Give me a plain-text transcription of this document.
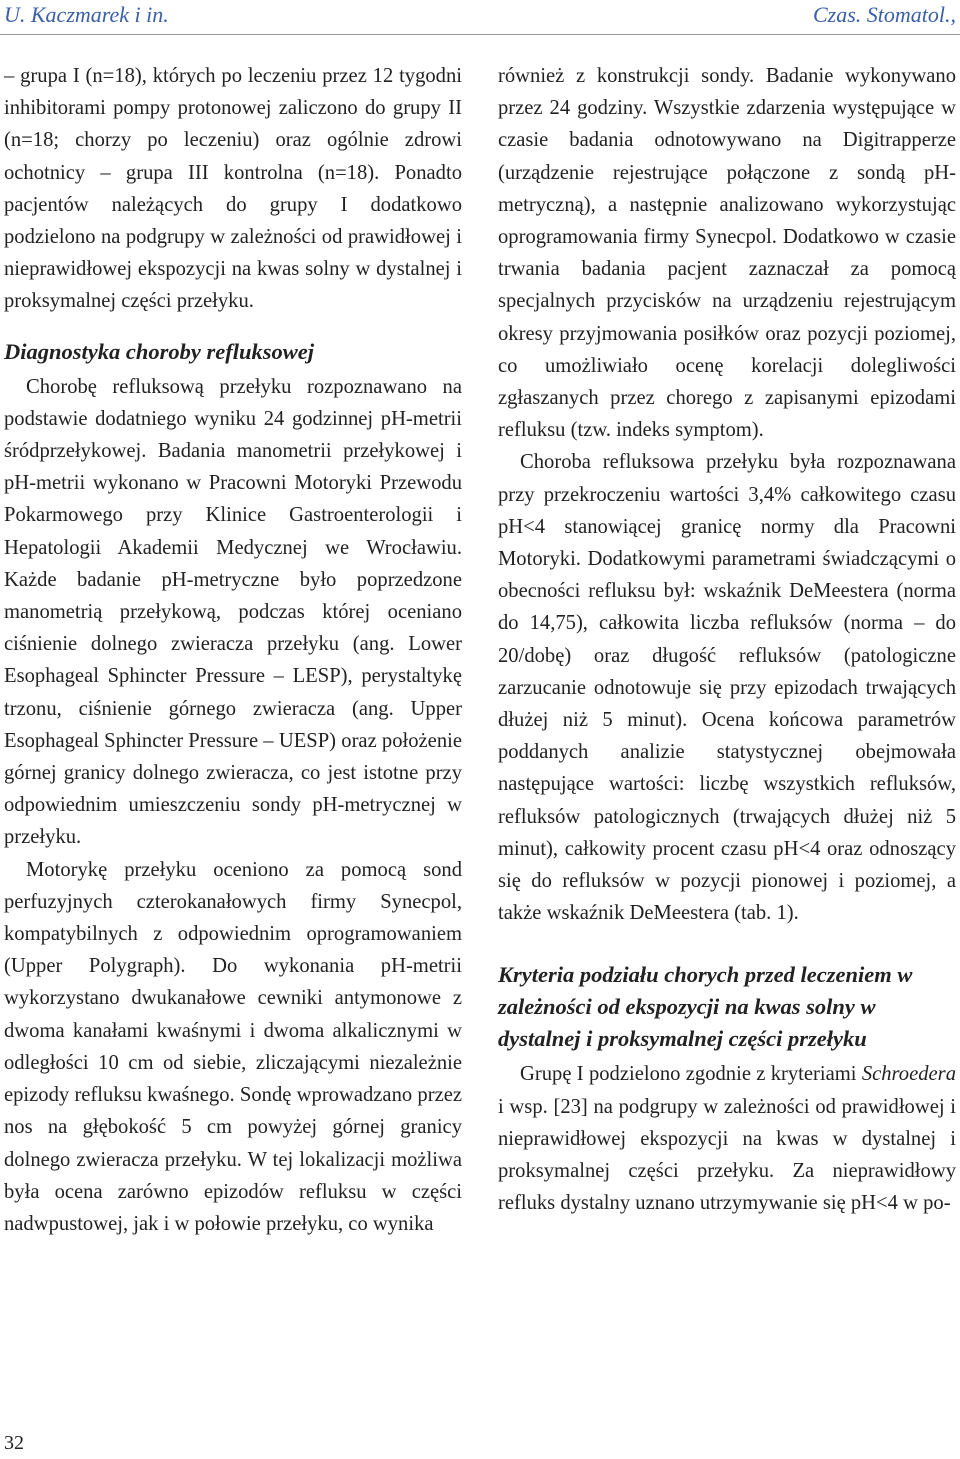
U. Kaczmarek i in.	Czas. Stomatol.,

– grupa I (n=18), których po leczeniu przez 12 tygodni inhibitorami pompy protonowej zaliczono do grupy II (n=18; chorzy po leczeniu) oraz ogólnie zdrowi ochotnicy – grupa III kontrolna (n=18). Ponadto pacjentów należących do grupy I dodatkowo podzielono na podgrupy w zależności od prawidłowej i nieprawidłowej ekspozycji na kwas solny w dystalnej i proksymalnej części przełyku.

Diagnostyka choroby refluksowej

Chorobę refluksową przełyku rozpoznawano na podstawie dodatniego wyniku 24 godzinnej pH-metrii śródprzełykowej. Badania manometrii przełykowej i pH-metrii wykonano w Pracowni Motoryki Przewodu Pokarmowego przy Klinice Gastroenterologii i Hepatologii Akademii Medycznej we Wrocławiu. Każde badanie pH-metryczne było poprzedzone manometrią przełykową, podczas której oceniano ciśnienie dolnego zwieracza przełyku (ang. Lower Esophageal Sphincter Pressure – LESP), perystaltykę trzonu, ciśnienie górnego zwieracza (ang. Upper Esophageal Sphincter Pressure – UESP) oraz położenie górnej granicy dolnego zwieracza, co jest istotne przy odpowiednim umieszczeniu sondy pH-metrycznej w przełyku.

Motorykę przełyku oceniono za pomocą sond perfuzyjnych czterokanałowych firmy Synecpol, kompatybilnych z odpowiednim oprogramowaniem (Upper Polygraph). Do wykonania pH-metrii wykorzystano dwukanałowe cewniki antymonowe z dwoma kanałami kwaśnymi i dwoma alkalicznymi w odległości 10 cm od siebie, zliczającymi niezależnie epizody refluksu kwaśnego. Sondę wprowadzano przez nos na głębokość 5 cm powyżej górnej granicy dolnego zwieracza przełyku. W tej lokalizacji możliwa była ocena zarówno epizodów refluksu w części nadwpustowej, jak i w połowie przełyku, co wynika

również z konstrukcji sondy. Badanie wykonywano przez 24 godziny. Wszystkie zdarzenia występujące w czasie badania odnotowywano na Digitrapperze (urządzenie rejestrujące połączone z sondą pH-metryczną), a następnie analizowano wykorzystując oprogramowania firmy Synecpol. Dodatkowo w czasie trwania badania pacjent zaznaczał za pomocą specjalnych przycisków na urządzeniu rejestrującym okresy przyjmowania posiłków oraz pozycji poziomej, co umożliwiało ocenę korelacji dolegliwości zgłaszanych przez chorego z zapisanymi epizodami refluksu (tzw. indeks symptom).

Choroba refluksowa przełyku była rozpoznawana przy przekroczeniu wartości 3,4% całkowitego czasu pH<4 stanowiącej granicę normy dla Pracowni Motoryki. Dodatkowymi parametrami świadczącymi o obecności refluksu był: wskaźnik DeMeestera (norma do 14,75), całkowita liczba refluksów (norma – do 20/dobę) oraz długość refluksów (patologiczne zarzucanie odnotowuje się przy epizodach trwających dłużej niż 5 minut). Ocena końcowa parametrów poddanych analizie statystycznej obejmowała następujące wartości: liczbę wszystkich refluksów, refluksów patologicznych (trwających dłużej niż 5 minut), całkowity procent czasu pH<4 oraz odnoszący się do refluksów w pozycji pionowej i poziomej, a także wskaźnik DeMeestera (tab. 1).

Kryteria podziału chorych przed leczeniem w zależności od ekspozycji na kwas solny w dystalnej i proksymalnej części przełyku

Grupę I podzielono zgodnie z kryteriami Schroedera i wsp. [23] na podgrupy w zależności od prawidłowej i nieprawidłowej ekspozycji na kwas w dystalnej i proksymalnej części przełyku. Za nieprawidłowy refluks dystalny uznano utrzymywanie się pH<4 w po-

32
